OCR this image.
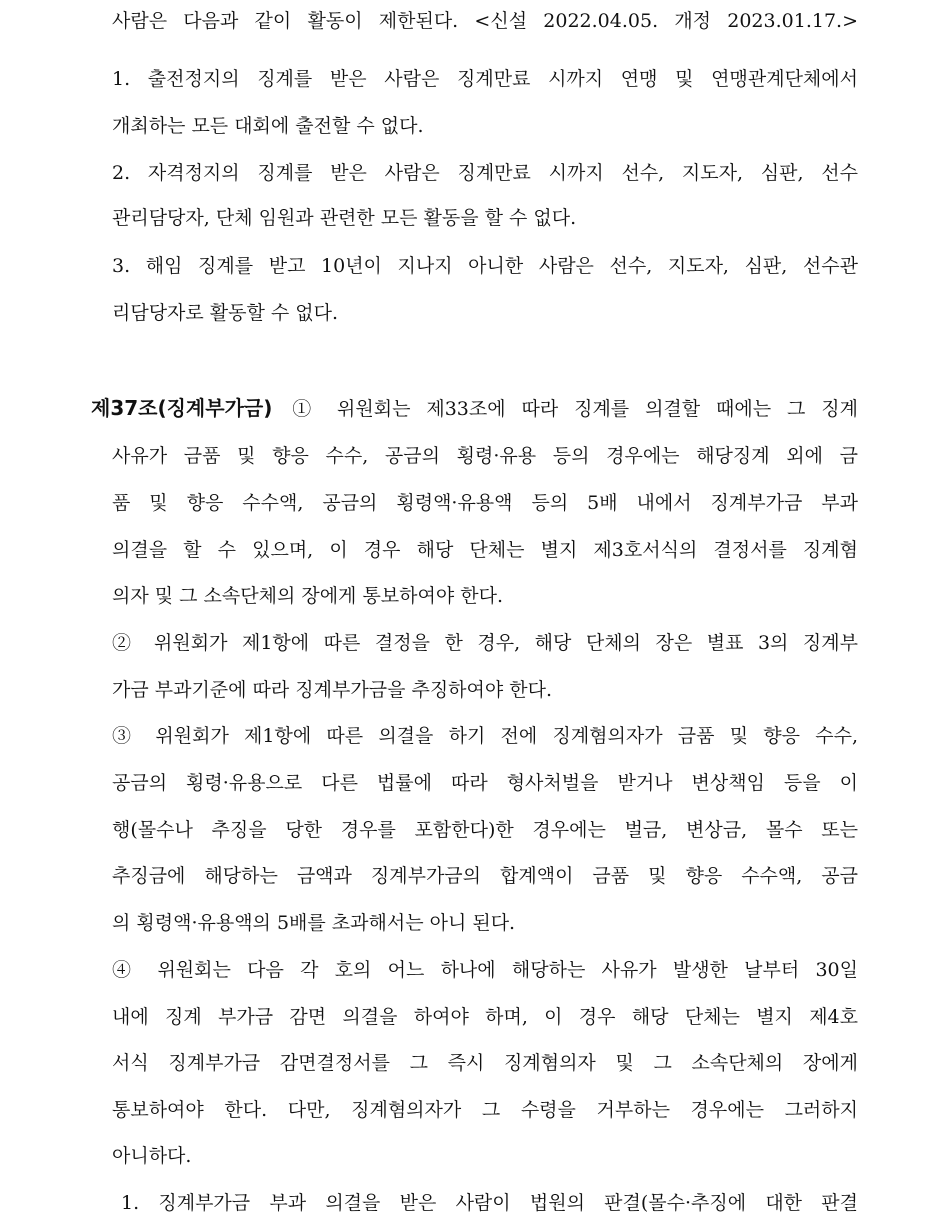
사람은 다음과 같이 활동이 제한된다. <신설 2022.04.05. 개정 2023.01.17.>
1. 출전정지의 징계를 받은 사람은 징계만료 시까지 연맹 및 연맹관계단체에서
개최하는 모든 대회에 출전할 수 없다.
2. 자격정지의 징계를 받은 사람은 징계만료 시까지 선수, 지도자, 심판, 선수
관리담당자, 단체 임원과 관련한 모든 활동을 할 수 없다.
3. 해임 징계를 받고 10년이 지나지 아니한 사람은 선수, 지도자, 심판, 선수관
리담당자로 활동할 수 없다.
제37조(징계부가금) ① 위원회는 제33조에 따라 징계를 의결할 때에는 그 징계
사유가 금품 및 향응 수수, 공금의 횡령·유용 등의 경우에는 해당징계 외에 금
품 및 향응 수수액, 공금의 횡령액·유용액 등의 5배 내에서 징계부가금 부과
의결을 할 수 있으며, 이 경우 해당 단체는 별지 제3호서식의 결정서를 징계혐
의자 및 그 소속단체의 장에게 통보하여야 한다.
② 위원회가 제1항에 따른 결정을 한 경우, 해당 단체의 장은 별표 3의 징계부
가금 부과기준에 따라 징계부가금을 추징하여야 한다.
③ 위원회가 제1항에 따른 의결을 하기 전에 징계혐의자가 금품 및 향응 수수,
공금의 횡령·유용으로 다른 법률에 따라 형사처벌을 받거나 변상책임 등을 이
행(몰수나 추징을 당한 경우를 포함한다)한 경우에는 벌금, 변상금, 몰수 또는
추징금에 해당하는 금액과 징계부가금의 합계액이 금품 및 향응 수수액, 공금
의 횡령액·유용액의 5배를 초과해서는 아니 된다.
④ 위원회는 다음 각 호의 어느 하나에 해당하는 사유가 발생한 날부터 30일
내에 징계 부가금 감면 의결을 하여야 하며, 이 경우 해당 단체는 별지 제4호
서식 징계부가금 감면결정서를 그 즉시 징계혐의자 및 그 소속단체의 장에게
통보하여야 한다. 다만, 징계혐의자가 그 수령을 거부하는 경우에는 그러하지
아니하다.
1. 징계부가금 부과 의결을 받은 사람이 법원의 판결(몰수·추징에 대한 판결
